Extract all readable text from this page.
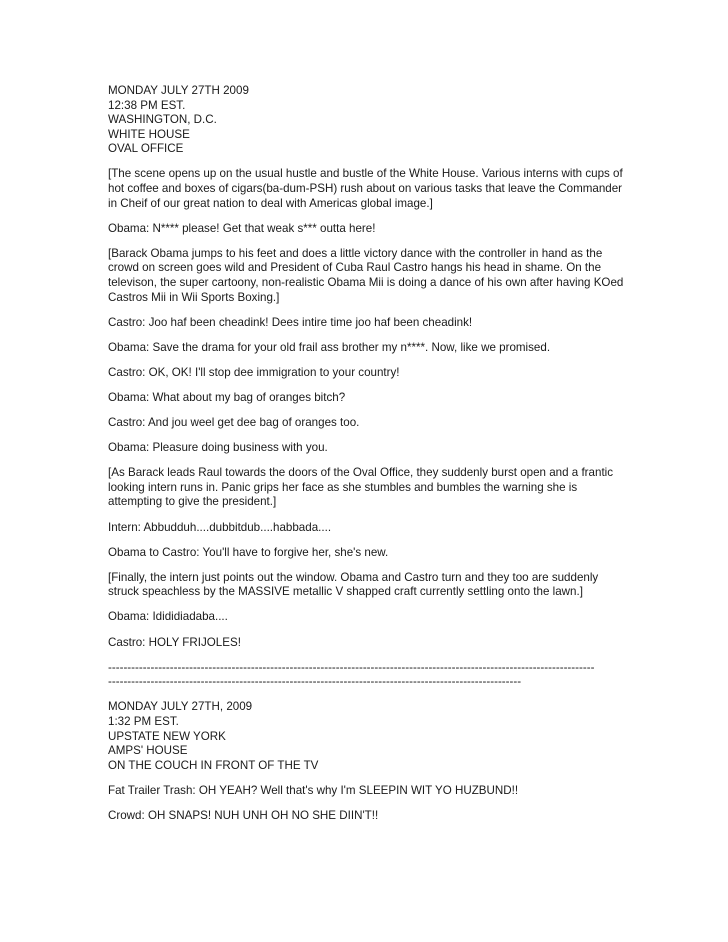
MONDAY JULY 27TH 2009
12:38 PM EST.
WASHINGTON, D.C.
WHITE HOUSE
OVAL OFFICE
[The scene opens up on the usual hustle and bustle of the White House. Various interns with cups of hot coffee and boxes of cigars(ba-dum-PSH) rush about on various tasks that leave the Commander in Cheif of our great nation to deal with Americas global image.]
Obama: N**** please! Get that weak s*** outta here!
[Barack Obama jumps to his feet and does a little victory dance with the controller in hand as the crowd on screen goes wild and President of Cuba Raul Castro hangs his head in shame. On the televison, the super cartoony, non-realistic Obama Mii is doing a dance of his own after having KOed Castros Mii in Wii Sports Boxing.]
Castro: Joo haf been cheadink! Dees intire time joo haf been cheadink!
Obama: Save the drama for your old frail ass brother my n****. Now, like we promised.
Castro: OK, OK! I'll stop dee immigration to your country!
Obama: What about my bag of oranges bitch?
Castro: And jou weel get dee bag of oranges too.
Obama: Pleasure doing business with you.
[As Barack leads Raul towards the doors of the Oval Office, they suddenly burst open and a frantic looking intern runs in. Panic grips her face as she stumbles and bumbles the warning she is attempting to give the president.]
Intern: Abbudduh....dubbitdub....habbada....
Obama to Castro: You'll have to forgive her, she's new.
[Finally, the intern just points out the window. Obama and Castro turn and they too are suddenly struck speachless by the MASSIVE metallic V shapped craft currently settling onto the lawn.]
Obama: Idididiadaba....
Castro: HOLY FRIJOLES!
------------------------------------------------------------------------------------------------------------------------------
-----------------------------------------------------------------------------------------------------------
MONDAY JULY 27TH, 2009
1:32 PM EST.
UPSTATE NEW YORK
AMPS' HOUSE
ON THE COUCH IN FRONT OF THE TV
Fat Trailer Trash: OH YEAH? Well that's why I'm SLEEPIN WIT YO HUZBUND!!
Crowd: OH SNAPS! NUH UNH OH NO SHE DIIN'T!!
